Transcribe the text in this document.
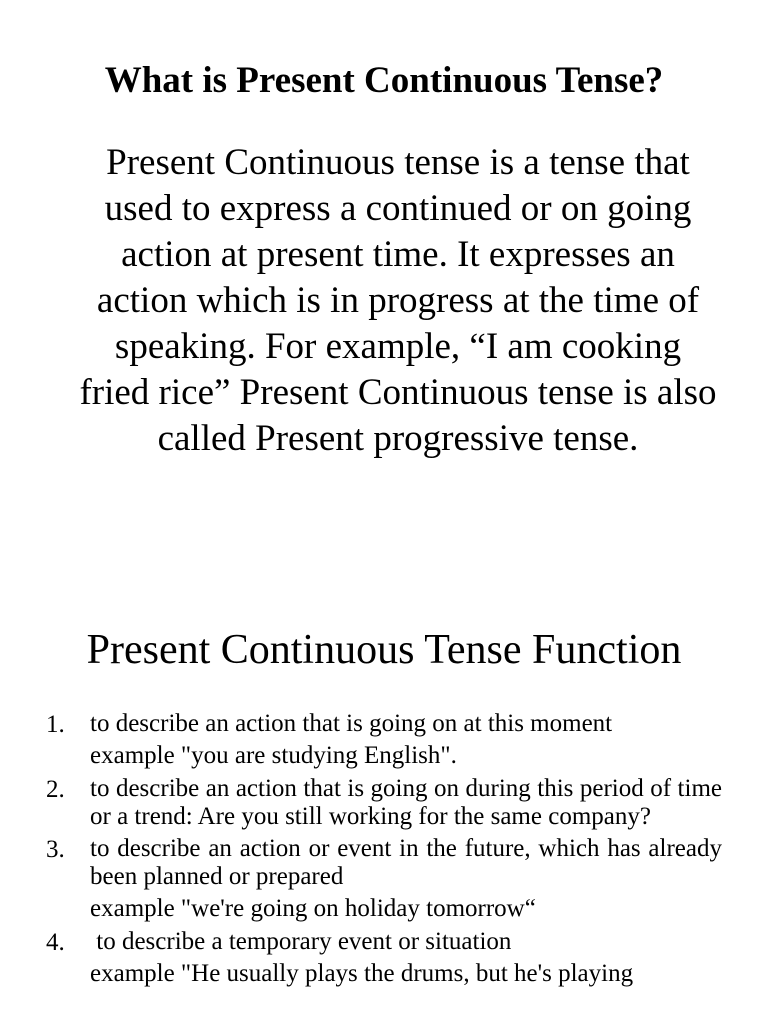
What is Present Continuous Tense?

Present Continuous tense is a tense that used to express a continued or on going action at present time. It expresses an action which is in progress at the time of speaking. For example, “I am cooking fried rice” Present Continuous tense is also called Present progressive tense.

Present Continuous Tense Function
1. to describe an action that is going on at this moment
example "you are studying English".
2. to describe an action that is going on during this period of time or a trend: Are you still working for the same company?
3. to describe an action or event in the future, which has already been planned or prepared
example "we're going on holiday tomorrow“
4. to describe a temporary event or situation
example "He usually plays the drums, but he's playing
